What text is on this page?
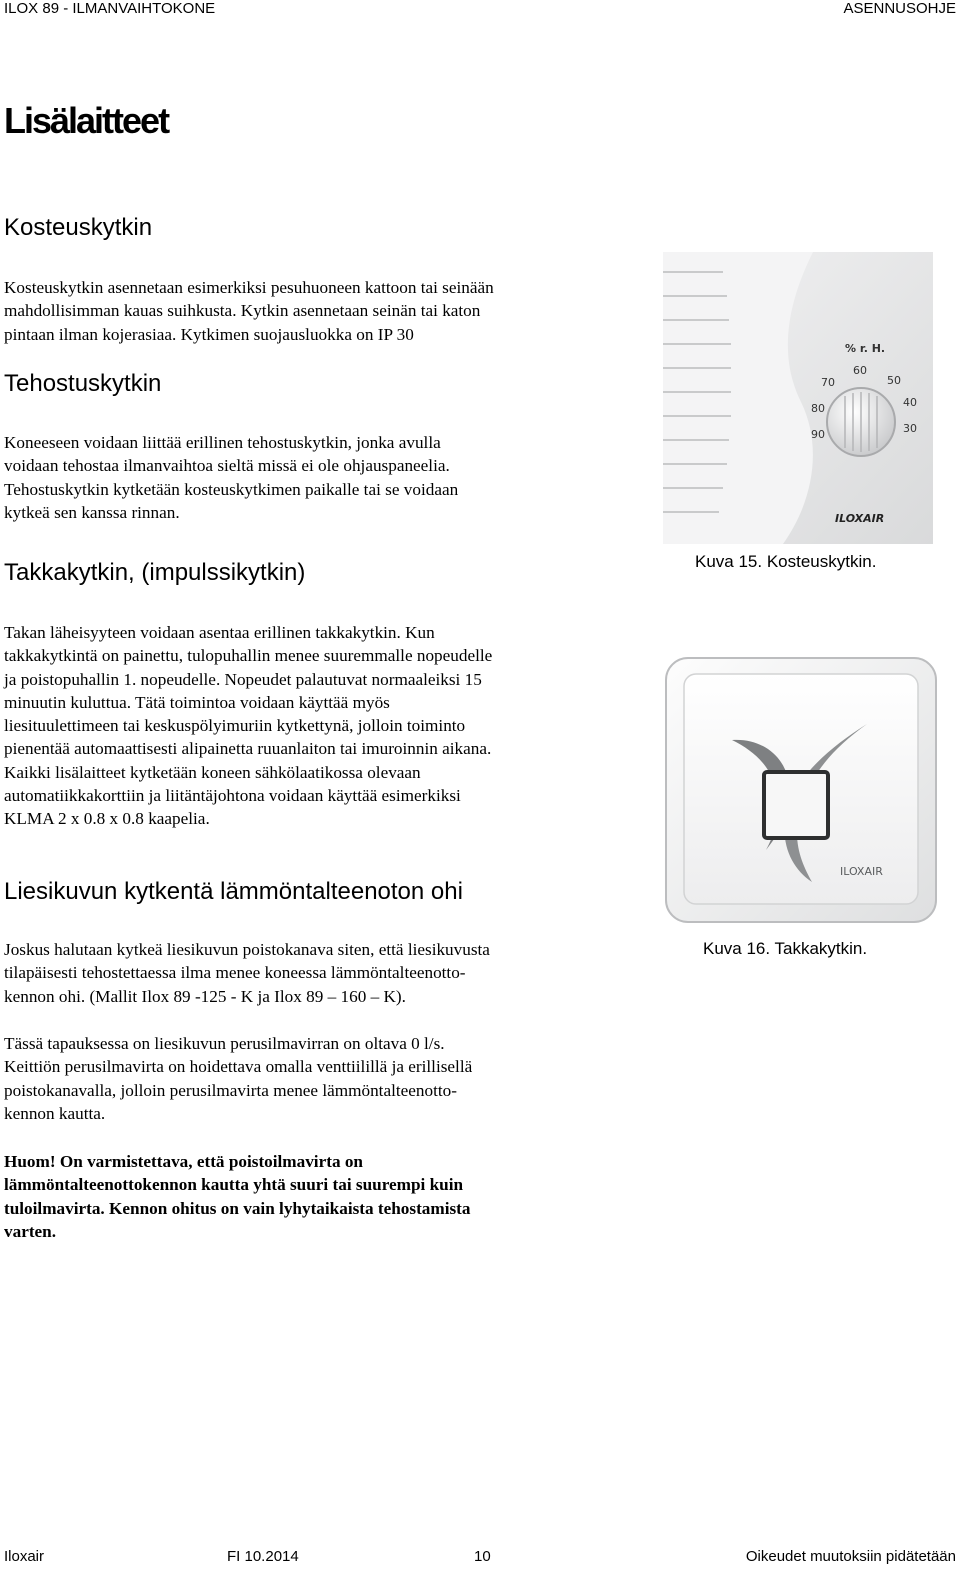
ILOX 89 - ILMANVAIHTOKONE	ASENNUSOHJE
Lisälaitteet
Kosteuskytkin

Kosteuskytkin asennetaan esimerkiksi pesuhuoneen kattoon tai seinään
mahdollisimman kauas suihkusta. Kytkin asennetaan seinän tai katon
pintaan ilman kojerasiaa. Kytkimen suojausluokka on IP 30

Tehostuskytkin

Koneeseen voidaan liittää erillinen tehostuskytkin, jonka avulla
voidaan tehostaa ilmanvaihtoa sieltä missä ei ole ohjauspaneelia.
Tehostuskytkin kytketään kosteuskytkimen paikalle tai se voidaan
kytkeä sen kanssa rinnan.

Takkakytkin, (impulssikytkin)

Takan läheisyyteen voidaan asentaa erillinen takkakytkin. Kun
takkakytkintä on painettu, tulopuhallin menee suuremmalle nopeudelle
ja poistopuhallin 1. nopeudelle. Nopeudet palautuvat normaaleiksi 15
minuutin kuluttua. Tätä toimintoa voidaan käyttää myös
liesituulettimeen tai keskuspölyimuriin kytkettynä, jolloin toiminto
pienentää automaattisesti alipainetta ruuanlaiton tai imuroinnin aikana.
Kaikki lisälaitteet kytketään koneen sähkölaatikossa olevaan
automatiikkakorttiin ja liitäntäjohtona voidaan käyttää esimerkiksi
KLMA 2 x 0.8 x 0.8 kaapelia.

Liesikuvun kytkentä lämmöntalteenoton ohi

Joskus halutaan kytkeä liesikuvun poistokanava siten, että liesikuvusta
tilapäisesti tehostettaessa ilma menee koneessa lämmöntalteenotto-
kennon ohi. (Mallit Ilox 89 -125 - K ja Ilox 89 – 160 – K).

Tässä tapauksessa on liesikuvun perusilmavirran on oltava 0 l/s.
Keittiön perusilmavirta on hoidettava omalla venttiilillä ja erillisellä
poistokanavalla, jolloin perusilmavirta menee lämmöntalteenotto-
kennon kautta.

Huom! On varmistettava, että poistoilmavirta on
lämmöntalteenottokennon kautta yhtä suuri tai suurempi kuin
tuloilmavirta. Kennon ohitus on vain lyhytaikaista tehostamista
varten.

% r. H.
70
60
50
80	40
90	30
ILOXAIR
Kuva 15. Kosteuskytkin.
ILOXAIR
Kuva 16. Takkakytkin.
Iloxair	FI 10.2014	10	Oikeudet muutoksiin pidätetään
